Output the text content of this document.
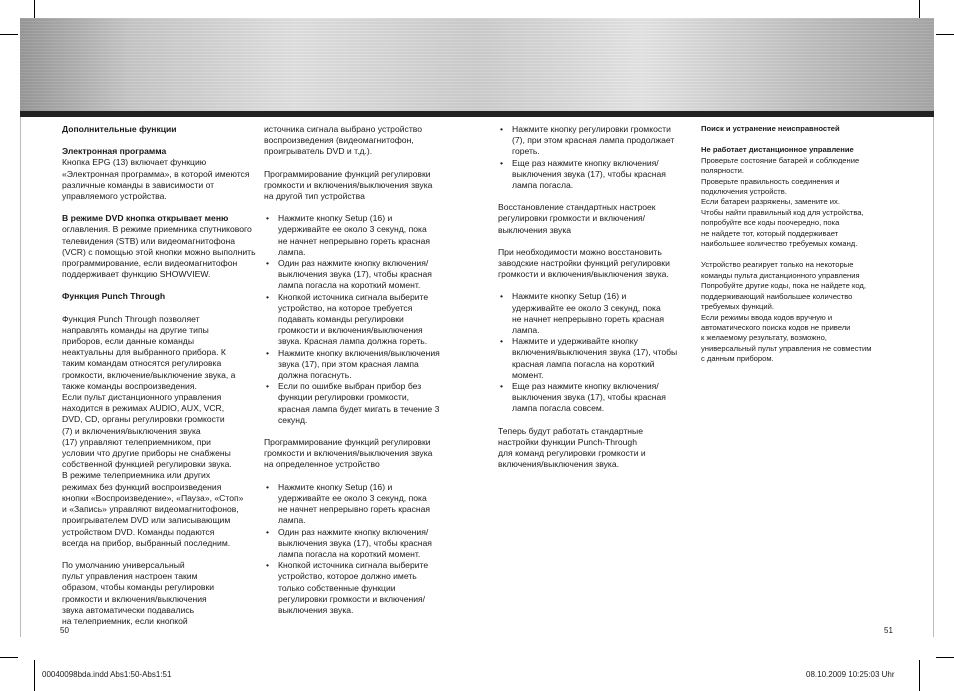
Дополнительные функции

Электронная программа

Кнопка EPG (13) включает функцию

«Электронная программа», в которой имеются

различные команды в зависимости от

управляемого устройства.

В режиме DVD кнопка открывает меню

оглавления. В режиме приемника спутникового

телевидения (STB) или видеомагнитофона

(VCR) с помощью этой кнопки можно выполнить

программирование, если видеомагнитофон

поддерживает функцию SHOWVIEW.

Функция Punch Through

Функция Punch Through позволяет

направлять команды на другие типы

приборов, если данные команды

неактуальны для выбранного прибора. К

таким командам относятся регулировка

громкости, включение/выключение звука, а

также команды воспроизведения.

Если пульт дистанционного управления

находится в режимах AUDIO, AUX, VCR,

DVD, CD, органы регулировки громкости

(7) и включения/выключения звука

(17) управляют телеприемником, при

условии что другие приборы не снабжены

собственной функцией регулировки звука.

В режиме телеприемника или других

режимах без функций воспроизведения

кнопки «Воспроизведение», «Пауза», «Стоп»

и «Запись» управляют видеомагнитофонов,

проигрывателем DVD или записывающим

устройством DVD. Команды подаются

всегда на прибор, выбранный последним.

По умолчанию универсальный

пульт управления настроен таким

образом, чтобы команды регулировки

громкости и включения/выключения

звука автоматически подавались

на телеприемник, если кнопкой

источника сигнала выбрано устройство

воспроизведения (видеомагнитофон,

проигрыватель DVD и т.д.).

Программирование функций регулировки

громкости и включения/выключения звука

на другой тип устройства

• Нажмите кнопку Setup (16) и

удерживайте ее около 3 секунд, пока

не начнет непрерывно гореть красная

лампа.

• Один раз нажмите кнопку включения/

выключения звука (17), чтобы красная

лампа погасла на короткий момент.

• Кнопкой источника сигнала выберите

устройство, на которое требуется

подавать команды регулировки

громкости и включения/выключения

звука. Красная лампа должна гореть.

• Нажмите кнопку включения/выключения

звука (17), при этом красная лампа

должна погаснуть.

• Если по ошибке выбран прибор без

функции регулировки громкости,

красная лампа будет мигать в течение 3

секунд.

Программирование функций регулировки

громкости и включения/выключения звука

на определенное устройство

• Нажмите кнопку Setup (16) и

удерживайте ее около 3 секунд, пока

не начнет непрерывно гореть красная

лампа.

• Один раз нажмите кнопку включения/

выключения звука (17), чтобы красная

лампа погасла на короткий момент.

• Кнопкой источника сигнала выберите

устройство, которое должно иметь

только собственные функции

регулировки громкости и включения/

выключения звука.

• Нажмите кнопку регулировки громкости

(7), при этом красная лампа продолжает

гореть.

• Еще раз нажмите кнопку включения/

выключения звука (17), чтобы красная

лампа погасла.

Восстановление стандартных настроек

регулировки громкости и включения/

выключения звука

При необходимости можно восстановить

заводские настройки функций регулировки

громкости и включения/выключения звука.

• Нажмите кнопку Setup (16) и

удерживайте ее около 3 секунд, пока

не начнет непрерывно гореть красная

лампа.

• Нажмите и удерживайте кнопку

включения/выключения звука (17), чтобы

красная лампа погасла на короткий

момент.

• Еще раз нажмите кнопку включения/

выключения звука (17), чтобы красная

лампа погасла совсем.

Теперь будут работать стандартные

настройки функции Punch-Through

для команд регулировки громкости и

включения/выключения звука.

Поиск и устранение неисправностей

Не работает дистанционное управление

Проверьте состояние батарей и соблюдение

полярности.

Проверьте правильность соединения и

подключения устройств.

Если батареи разряжены, замените их.

Чтобы найти правильный код для устройства,

попробуйте все коды поочередно, пока

не найдете тот, который поддерживает

наибольшее количество требуемых команд.

Устройство реагирует только на некоторые

команды пульта дистанционного управления

Попробуйте другие коды, пока не найдете код,

поддерживающий наибольшее количество

требуемых функций.

Если режимы ввода кодов вручную и

автоматического поиска кодов не привели

к желаемому результату, возможно,

универсальный пульт управления не совместим

с данным прибором.

50	51
00040098bda.indd Abs1:50-Abs1:51	08.10.2009 10:25:03 Uhr
